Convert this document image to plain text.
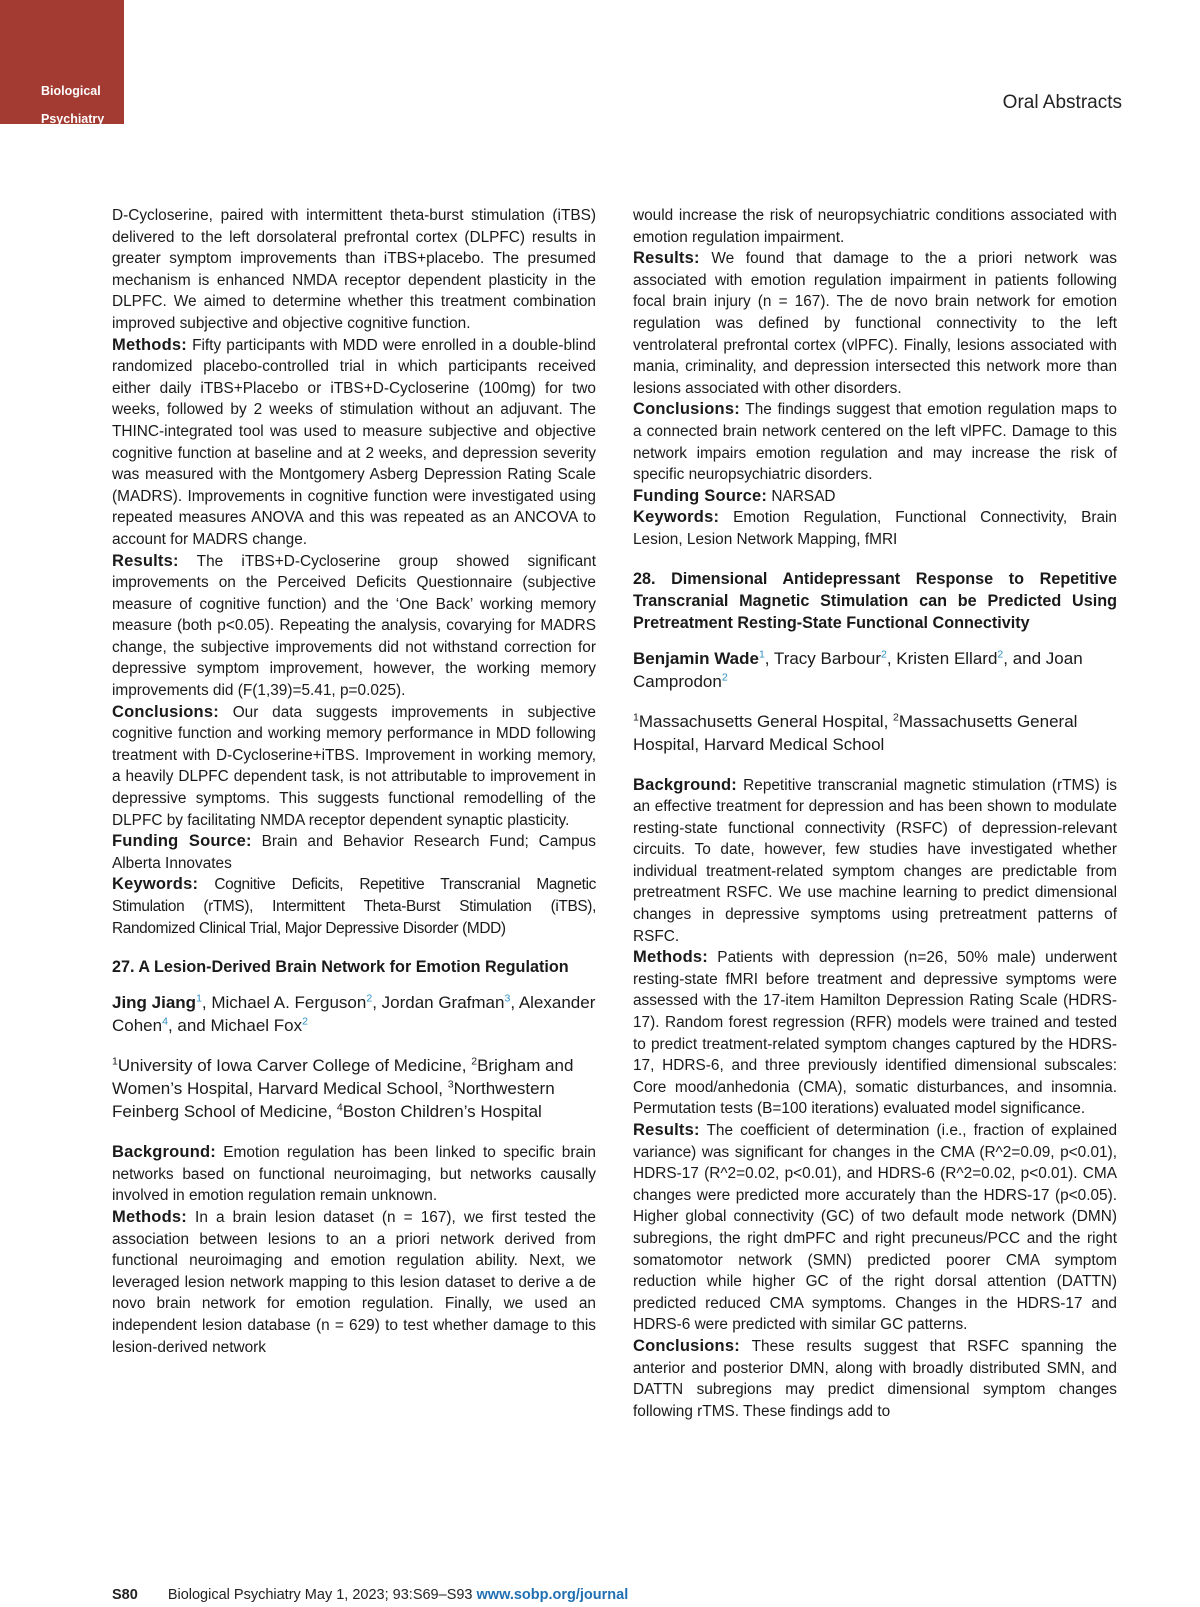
Biological

Psychiatry
Oral Abstracts

D-Cycloserine, paired with intermittent theta-burst stimulation (iTBS) delivered to the left dorsolateral prefrontal cortex (DLPFC) results in greater symptom improvements than iTBS+placebo. The presumed mechanism is enhanced NMDA receptor dependent plasticity in the DLPFC. We aimed to determine whether this treatment combination improved subjective and objective cognitive function.

Methods: Fifty participants with MDD were enrolled in a double-blind randomized placebo-controlled trial in which participants received either daily iTBS+Placebo or iTBS+D-Cycloserine (100mg) for two weeks, followed by 2 weeks of stimulation without an adjuvant. The THINC-integrated tool was used to measure subjective and objective cognitive function at baseline and at 2 weeks, and depression severity was measured with the Montgomery Asberg Depression Rating Scale (MADRS). Improvements in cognitive function were investigated using repeated measures ANOVA and this was repeated as an ANCOVA to account for MADRS change.

Results: The iTBS+D-Cycloserine group showed significant improvements on the Perceived Deficits Questionnaire (subjective measure of cognitive function) and the ‘One Back’ working memory measure (both p<0.05). Repeating the analysis, covarying for MADRS change, the subjective improvements did not withstand correction for depressive symptom improvement, however, the working memory improvements did (F(1,39)=5.41, p=0.025).

Conclusions: Our data suggests improvements in subjective cognitive function and working memory performance in MDD following treatment with D-Cycloserine+iTBS. Improvement in working memory, a heavily DLPFC dependent task, is not attributable to improvement in depressive symptoms. This suggests functional remodelling of the DLPFC by facilitating NMDA receptor dependent synaptic plasticity.

Funding Source: Brain and Behavior Research Fund; Campus Alberta Innovates

Keywords: Cognitive Deficits, Repetitive Transcranial Magnetic Stimulation (rTMS), Intermittent Theta-Burst Stimulation (iTBS), Randomized Clinical Trial, Major Depressive Disorder (MDD)

27. A Lesion-Derived Brain Network for Emotion Regulation

Jing Jiang$^1$, Michael A. Ferguson$^2$, Jordan Grafman$^3$, Alexander Cohen$^4$, and Michael Fox$^2$

$^1$University of Iowa Carver College of Medicine, $^2$Brigham and Women’s Hospital, Harvard Medical School, $^3$Northwestern Feinberg School of Medicine, $^4$Boston Children’s Hospital

Background: Emotion regulation has been linked to specific brain networks based on functional neuroimaging, but networks causally involved in emotion regulation remain unknown.

Methods: In a brain lesion dataset (n = 167), we first tested the association between lesions to an a priori network derived from functional neuroimaging and emotion regulation ability. Next, we leveraged lesion network mapping to this lesion dataset to derive a de novo brain network for emotion regulation. Finally, we used an independent lesion database (n = 629) to test whether damage to this lesion-derived network

would increase the risk of neuropsychiatric conditions associated with emotion regulation impairment.

Results: We found that damage to the a priori network was associated with emotion regulation impairment in patients following focal brain injury (n = 167). The de novo brain network for emotion regulation was defined by functional connectivity to the left ventrolateral prefrontal cortex (vlPFC). Finally, lesions associated with mania, criminality, and depression intersected this network more than lesions associated with other disorders.

Conclusions: The findings suggest that emotion regulation maps to a connected brain network centered on the left vlPFC. Damage to this network impairs emotion regulation and may increase the risk of specific neuropsychiatric disorders.

Funding Source: NARSAD

Keywords: Emotion Regulation, Functional Connectivity, Brain Lesion, Lesion Network Mapping, fMRI

28. Dimensional Antidepressant Response to Repetitive Transcranial Magnetic Stimulation can be Predicted Using Pretreatment Resting-State Functional Connectivity

Benjamin Wade$^1$, Tracy Barbour$^2$, Kristen Ellard$^2$, and Joan Camprodon$^2$

$^1$Massachusetts General Hospital, $^2$Massachusetts General Hospital, Harvard Medical School

Background: Repetitive transcranial magnetic stimulation (rTMS) is an effective treatment for depression and has been shown to modulate resting-state functional connectivity (RSFC) of depression-relevant circuits. To date, however, few studies have investigated whether individual treatment-related symptom changes are predictable from pretreatment RSFC. We use machine learning to predict dimensional changes in depressive symptoms using pretreatment patterns of RSFC.

Methods: Patients with depression (n=26, 50% male) underwent resting-state fMRI before treatment and depressive symptoms were assessed with the 17-item Hamilton Depression Rating Scale (HDRS-17). Random forest regression (RFR) models were trained and tested to predict treatment-related symptom changes captured by the HDRS-17, HDRS-6, and three previously identified dimensional subscales: Core mood/anhedonia (CMA), somatic disturbances, and insomnia. Permutation tests (B=100 iterations) evaluated model significance.

Results: The coefficient of determination (i.e., fraction of explained variance) was significant for changes in the CMA (R^2=0.09, p<0.01), HDRS-17 (R^2=0.02, p<0.01), and HDRS-6 (R^2=0.02, p<0.01). CMA changes were predicted more accurately than the HDRS-17 (p<0.05). Higher global connectivity (GC) of two default mode network (DMN) subregions, the right dmPFC and right precuneus/PCC and the right somatomotor network (SMN) predicted poorer CMA symptom reduction while higher GC of the right dorsal attention (DATTN) predicted reduced CMA symptoms. Changes in the HDRS-17 and HDRS-6 were predicted with similar GC patterns.

Conclusions: These results suggest that RSFC spanning the anterior and posterior DMN, along with broadly distributed SMN, and DATTN subregions may predict dimensional symptom changes following rTMS. These findings add to

S80 Biological Psychiatry May 1, 2023; 93:S69–S93 www.sobp.org/journal
